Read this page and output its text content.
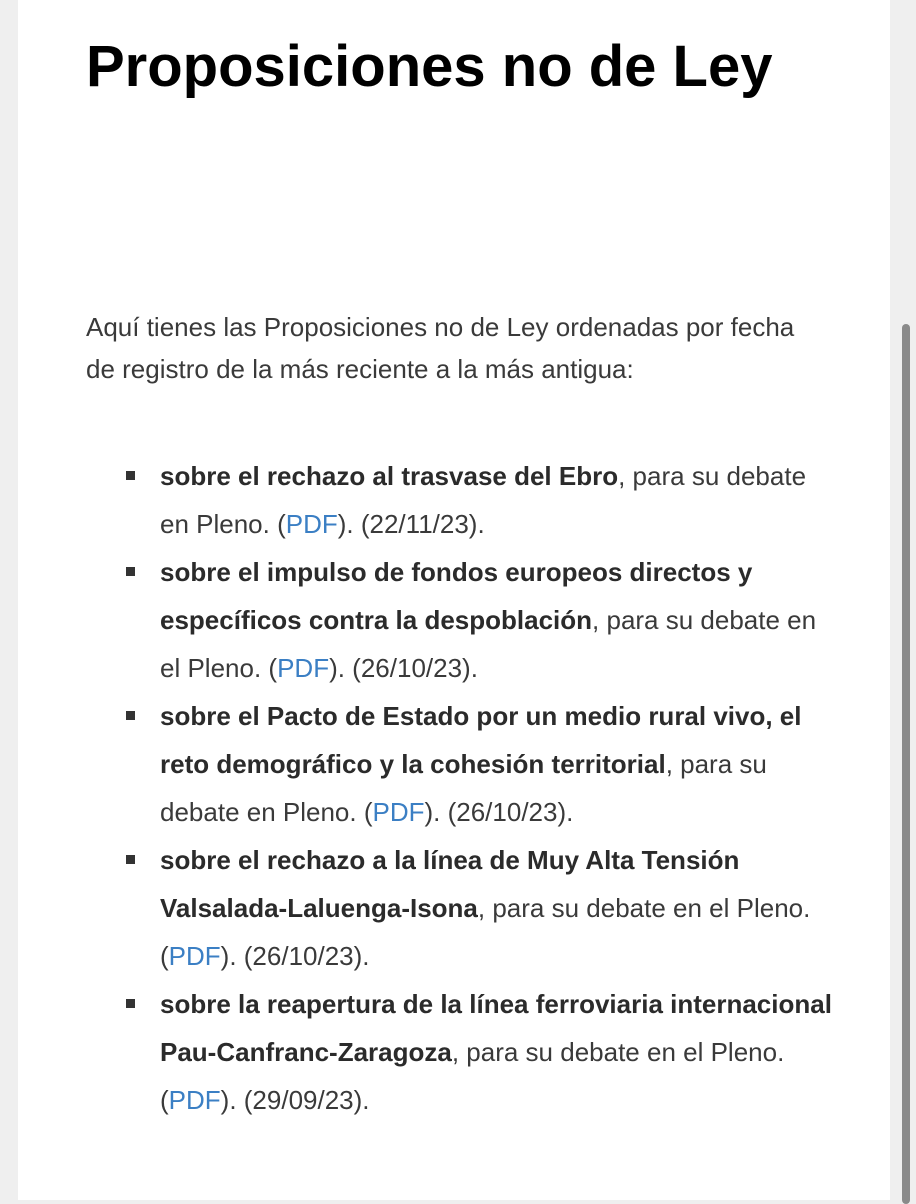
Proposiciones no de Ley

Aquí tienes las Proposiciones no de Ley ordenadas por fecha de registro de la más reciente a la más antigua:

sobre el rechazo al trasvase del Ebro, para su debate en Pleno. (PDF). (22/11/23).
sobre el impulso de fondos europeos directos y específicos contra la despoblación, para su debate en el Pleno. (PDF). (26/10/23).
sobre el Pacto de Estado por un medio rural vivo, el reto demográfico y la cohesión territorial, para su debate en Pleno. (PDF). (26/10/23).
sobre el rechazo a la línea de Muy Alta Tensión Valsalada-Laluenga-Isona, para su debate en el Pleno. (PDF). (26/10/23).
sobre la reapertura de la línea ferroviaria internacional Pau-Canfranc-Zaragoza, para su debate en el Pleno. (PDF). (29/09/23).
